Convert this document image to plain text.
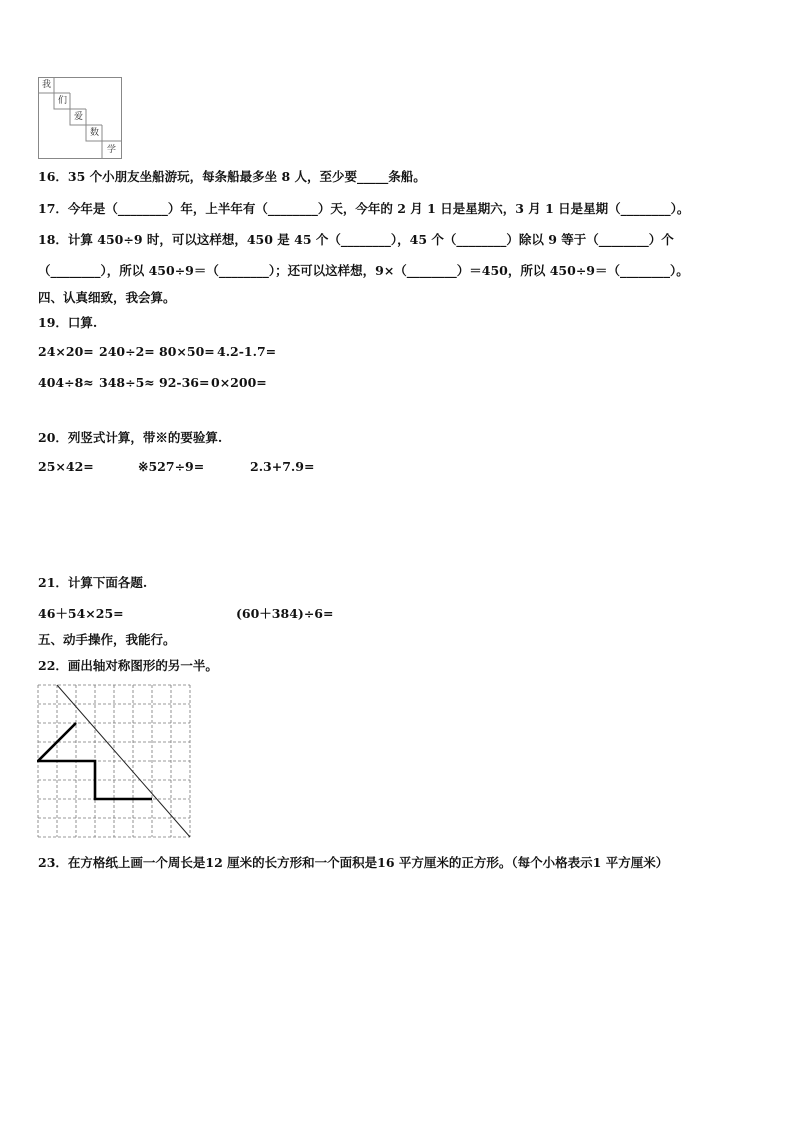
我
们
爱
数
学
16．35 个小朋友坐船游玩，每条船最多坐 8 人，至少要_____条船。
17．今年是（________）年，上半年有（________）天，今年的 2 月 1 日是星期六，3 月 1 日是星期（________）。
18．计算 450÷9 时，可以这样想，450 是 45 个（________），45 个（________）除以 9 等于（________）个
（________），所以 450÷9＝（________）；还可以这样想，9×（________）＝450，所以 450÷9＝（________）。
四、认真细致，我会算。
19．口算.
24×20= 240÷2= 80×50= 4.2-1.7=
404÷8≈ 348÷5≈ 92-36= 0×200=
20．列竖式计算，带※的要验算.
25×42=	※527÷9=	2.3+7.9=
21．计算下面各题.
46＋54×25=	(60＋384)÷6=
五、动手操作，我能行。
22．画出轴对称图形的另一半。
23．在方格纸上画一个周长是12 厘米的长方形和一个面积是16 平方厘米的正方形。（每个小格表示1 平方厘米）
